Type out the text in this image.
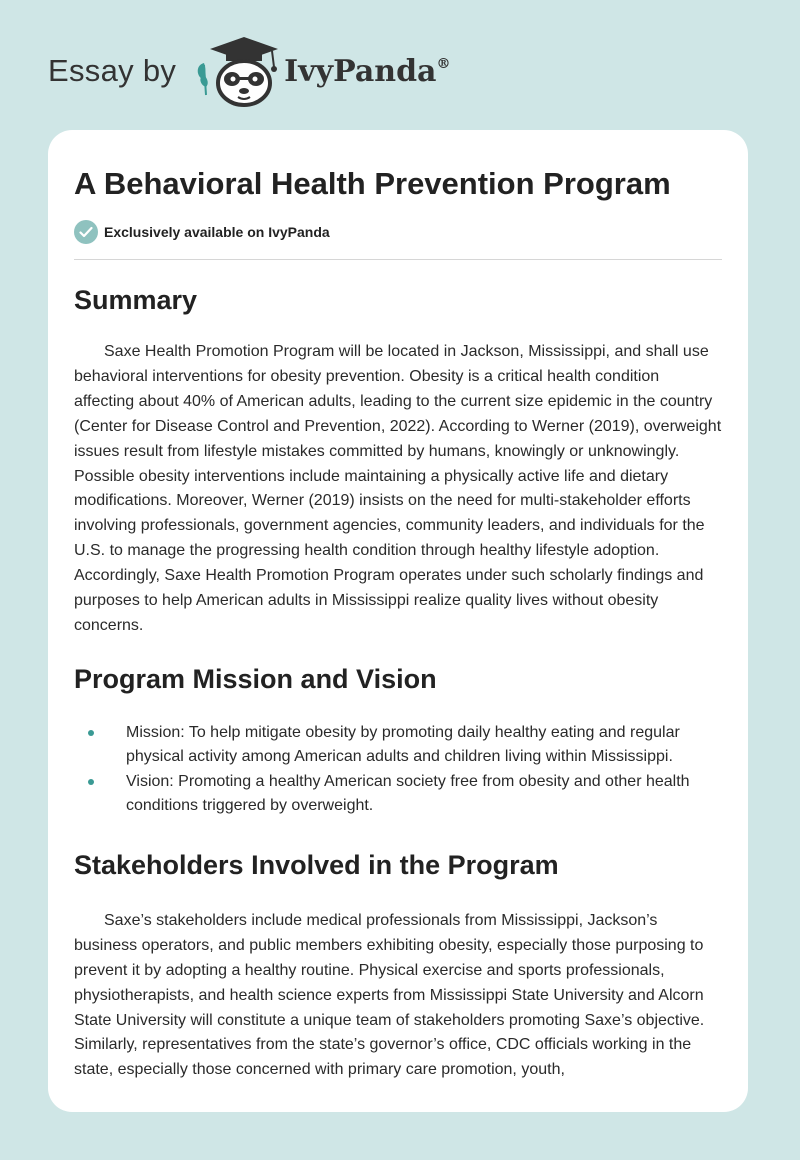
Essay by	IvyPanda®
A Behavioral Health Prevention Program
Exclusively available on IvyPanda
Summary

Saxe Health Promotion Program will be located in Jackson, Mississippi, and shall use behavioral interventions for obesity prevention. Obesity is a critical health condition affecting about 40% of American adults, leading to the current size epidemic in the country (Center for Disease Control and Prevention, 2022). According to Werner (2019), overweight issues result from lifestyle mistakes committed by humans, knowingly or unknowingly. Possible obesity interventions include maintaining a physically active life and dietary modifications. Moreover, Werner (2019) insists on the need for multi-stakeholder efforts involving professionals, government agencies, community leaders, and individuals for the U.S. to manage the progressing health condition through healthy lifestyle adoption. Accordingly, Saxe Health Promotion Program operates under such scholarly findings and purposes to help American adults in Mississippi realize quality lives without obesity concerns.

Program Mission and Vision
Mission: To help mitigate obesity by promoting daily healthy eating and regular physical activity among American adults and children living within Mississippi.
Vision: Promoting a healthy American society free from obesity and other health conditions triggered by overweight.
Stakeholders Involved in the Program

Saxe’s stakeholders include medical professionals from Mississippi, Jackson’s business operators, and public members exhibiting obesity, especially those purposing to prevent it by adopting a healthy routine. Physical exercise and sports professionals, physiotherapists, and health science experts from Mississippi State University and Alcorn State University will constitute a unique team of stakeholders promoting Saxe’s objective. Similarly, representatives from the state’s governor’s office, CDC officials working in the state, especially those concerned with primary care promotion, youth,
